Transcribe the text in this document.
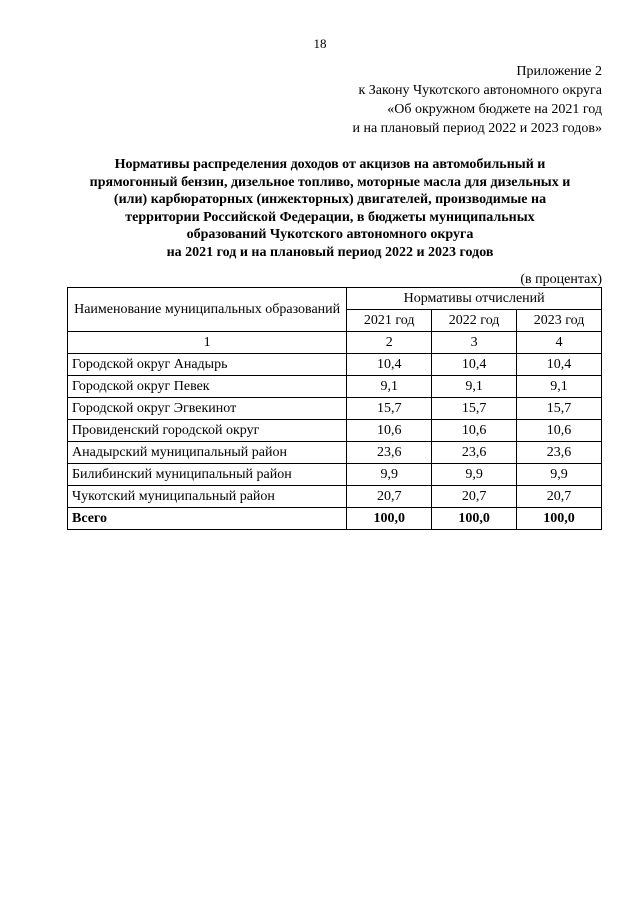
18
Приложение 2
к Закону Чукотского автономного округа
«Об окружном бюджете на 2021 год
и на плановый период 2022 и 2023 годов»
Нормативы распределения доходов от акцизов на автомобильный и
прямогонный бензин, дизельное топливо, моторные масла для дизельных и
(или) карбюраторных (инжекторных) двигателей, производимые на
территории Российской Федерации, в бюджеты муниципальных
образований Чукотского автономного округа
на 2021 год и на плановый период 2022 и 2023 годов
(в процентах)
Наименование муниципальных образований	Нормативы отчислений		
	2021 год	2022 год	2023 год
1	2	3	4
Городской округ Анадырь	10,4	10,4	10,4
Городской округ Певек	9,1	9,1	9,1
Городской округ Эгвекинот	15,7	15,7	15,7
Провиденский городской округ	10,6	10,6	10,6
Анадырский муниципальный район	23,6	23,6	23,6
Билибинский муниципальный район	9,9	9,9	9,9
Чукотский муниципальный район	20,7	20,7	20,7
Всего	100,0	100,0	100,0
